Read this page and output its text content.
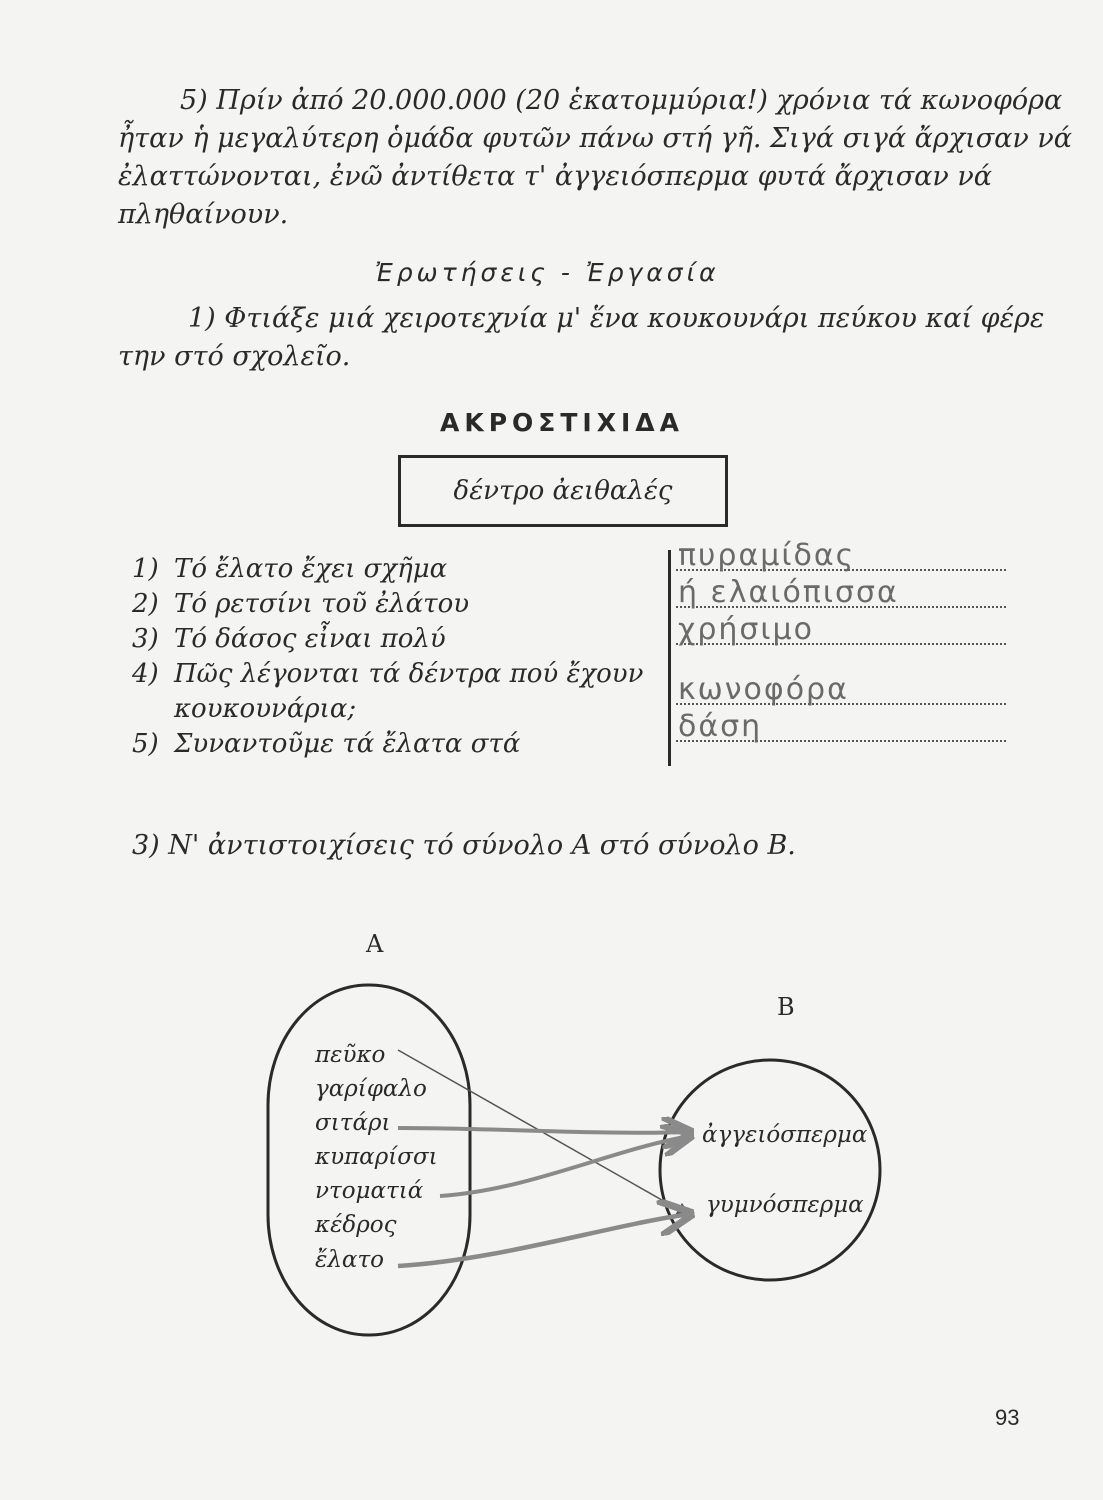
5) Πρίν ἀπό 20.000.000 (20 ἑκατομμύρια!) χρόνια τά κωνοφόρα
ἦταν ἡ μεγαλύτερη ὁμάδα φυτῶν πάνω στή γῆ. Σιγά σιγά ἄρχισαν νά
ἐλαττώνονται, ἐνῶ ἀντίθετα τ' ἀγγειόσπερμα φυτά ἄρχισαν νά
πληθαίνουν.
Ἐρωτήσεις - Ἐργασία
1) Φτιάξε μιά χειροτεχνία μ' ἕνα κουκουνάρι πεύκου καί φέρε
την στό σχολεῖο.
ΑΚΡΟΣΤΙΧΙΔΑ
δέντρο ἀειθαλές
1) Τό ἔλατο ἔχει σχῆμα
2) Τό ρετσίνι τοῦ ἐλάτου
3) Τό δάσος εἶναι πολύ
4) Πῶς λέγονται τά δέντρα πού ἔχουν
κουκουνάρια;
5) Συναντοῦμε τά ἔλατα στά
πυραμίδας
ή ελαιόπισσα
χρήσιμο
κωνοφόρα
δάση
3) Ν' ἀντιστοιχίσεις τό σύνολο Α στό σύνολο Β.
Α
Β
πεῦκο
γαρίφαλο
σιτάρι
κυπαρίσσι
ντοματιά
κέδρος
ἔλατο
ἀγγειόσπερμα
γυμνόσπερμα
93
